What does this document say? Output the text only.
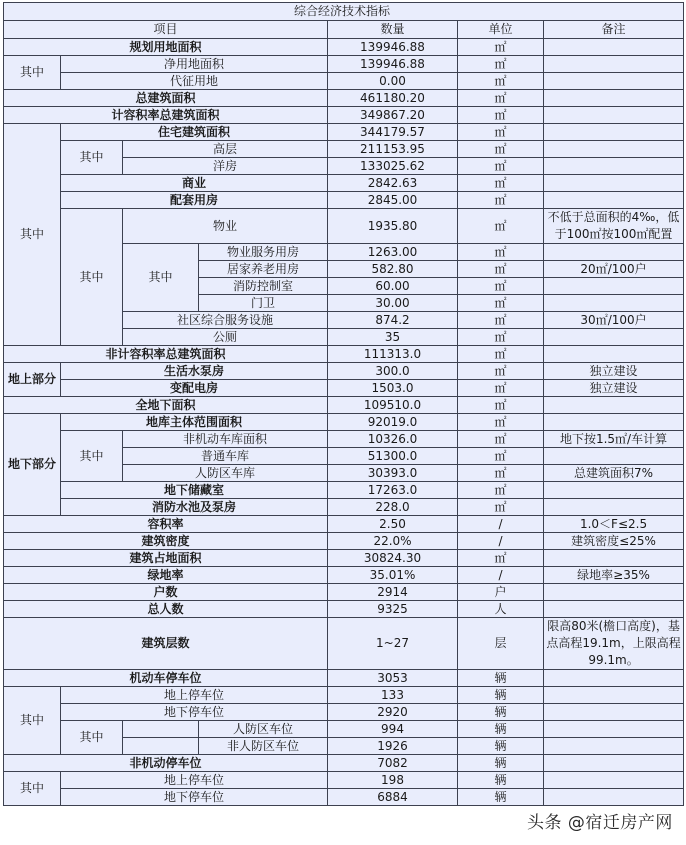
综合经济技术指标						
项目				数量	单位	备注
规划用地面积				139946.88	㎡	
其中	净用地面积			139946.88	㎡	
	代征用地			0.00	㎡	
总建筑面积				461180.20	㎡	
计容积率总建筑面积				349867.20	㎡	
其中	住宅建筑面积			344179.57	㎡	
	其中	高层		211153.95	㎡	
		洋房		133025.62	㎡	
	商业			2842.63	㎡	
	配套用房			2845.00	㎡	
	其中	物业		1935.80	㎡	不低于总面积的4‰，低于100㎡按100㎡配置
		其中	物业服务用房	1263.00	㎡	
			居家养老用房	582.80	㎡	20㎡/100户
			消防控制室	60.00	㎡	
			门卫	30.00	㎡	
		社区综合服务设施		874.2	㎡	30㎡/100户
		公厕		35	㎡	
非计容积率总建筑面积				111313.0	㎡	
地上部分	生活水泵房			300.0	㎡	独立建设
	变配电房			1503.0	㎡	独立建设
全地下面积				109510.0	㎡	
地下部分	地库主体范围面积			92019.0	㎡	
	其中	非机动车库面积		10326.0	㎡	地下按1.5㎡/车计算
		普通车库		51300.0	㎡	
		人防区车库		30393.0	㎡	总建筑面积7%
	地下储藏室			17263.0	㎡	
	消防水池及泵房			228.0	㎡	
容积率				2.50	/	1.0＜F≤2.5
建筑密度				22.0%	/	建筑密度≤25%
建筑占地面积				30824.30	㎡	
绿地率				35.01%	/	绿地率≥35%
户数				2914	户	
总人数				9325	人	
建筑层数				1~27	层	限高80米(檐口高度)，基点高程19.1m，上限高程99.1m。
机动车停车位				3053	辆	
其中	地上停车位			133	辆	
	地下停车位			2920	辆	
	其中		人防区车位	994	辆	
			非人防区车位	1926	辆	
非机动停车位				7082	辆	
其中	地上停车位			198	辆	
	地下停车位			6884	辆	
头条 @宿迁房产网
